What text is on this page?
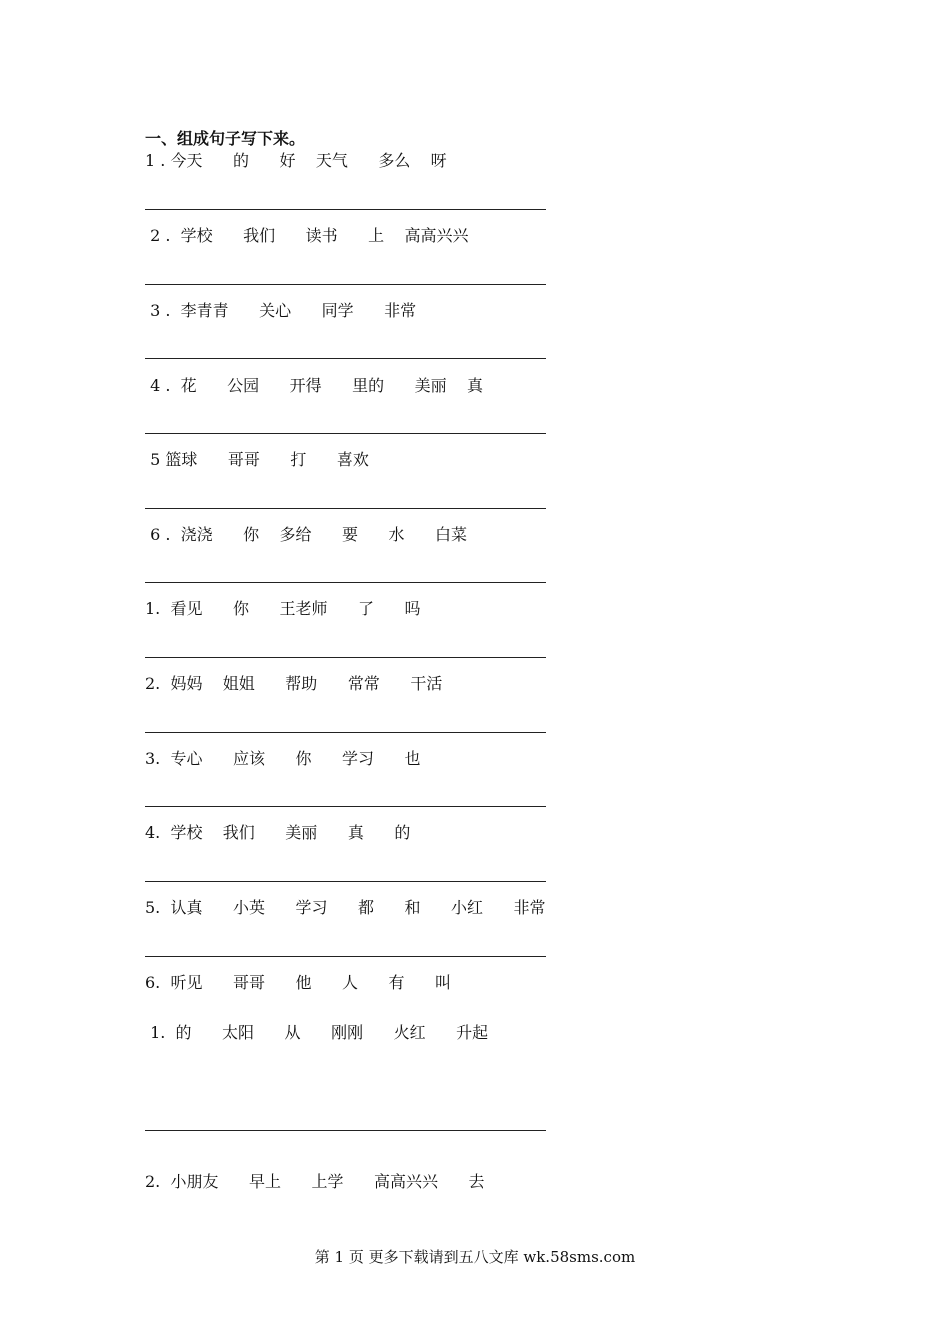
一、组成句子写下来。
1 . 今天      的      好    天气      多么    呀
2 .  学校      我们      读书      上    高高兴兴
3 .  李青青      关心      同学      非常
4 .  花      公园      开得      里的      美丽    真
5 篮球      哥哥      打      喜欢
6 .  浇浇      你    多给      要      水      白菜
1.  看见      你      王老师      了      吗
2.  妈妈    姐姐      帮助      常常      干活
3.  专心      应该      你      学习      也
4.  学校    我们      美丽      真      的
5.  认真      小英      学习      都      和      小红      非常
6.  听见      哥哥      他      人      有      叫
1.  的      太阳      从      刚刚      火红      升起
2.  小朋友      早上      上学      高高兴兴      去
第 1 页 更多下载请到五八文库 wk.58sms.com
